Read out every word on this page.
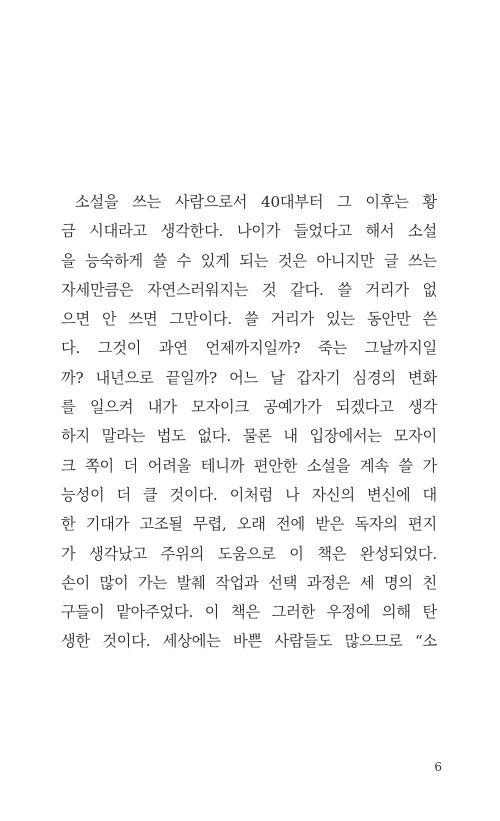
소설을 쓰는 사람으로서 40대부터 그 이후는 황
금 시대라고 생각한다. 나이가 들었다고 해서 소설
을 능숙하게 쓸 수 있게 되는 것은 아니지만 글 쓰는
자세만큼은 자연스러워지는 것 같다. 쓸 거리가 없
으면 안 쓰면 그만이다. 쓸 거리가 있는 동안만 쓴
다. 그것이 과연 언제까지일까? 죽는 그날까지일
까? 내년으로 끝일까? 어느 날 갑자기 심경의 변화
를 일으켜 내가 모자이크 공예가가 되겠다고 생각
하지 말라는 법도 없다. 물론 내 입장에서는 모자이
크 쪽이 더 어려울 테니까 편안한 소설을 계속 쓸 가
능성이 더 클 것이다. 이처럼 나 자신의 변신에 대
한 기대가 고조될 무렵, 오래 전에 받은 독자의 편지
가 생각났고 주위의 도움으로 이 책은 완성되었다.
손이 많이 가는 발췌 작업과 선택 과정은 세 명의 친
구들이 맡아주었다. 이 책은 그러한 우정에 의해 탄
생한 것이다. 세상에는 바쁜 사람들도 많으므로 “소
6
